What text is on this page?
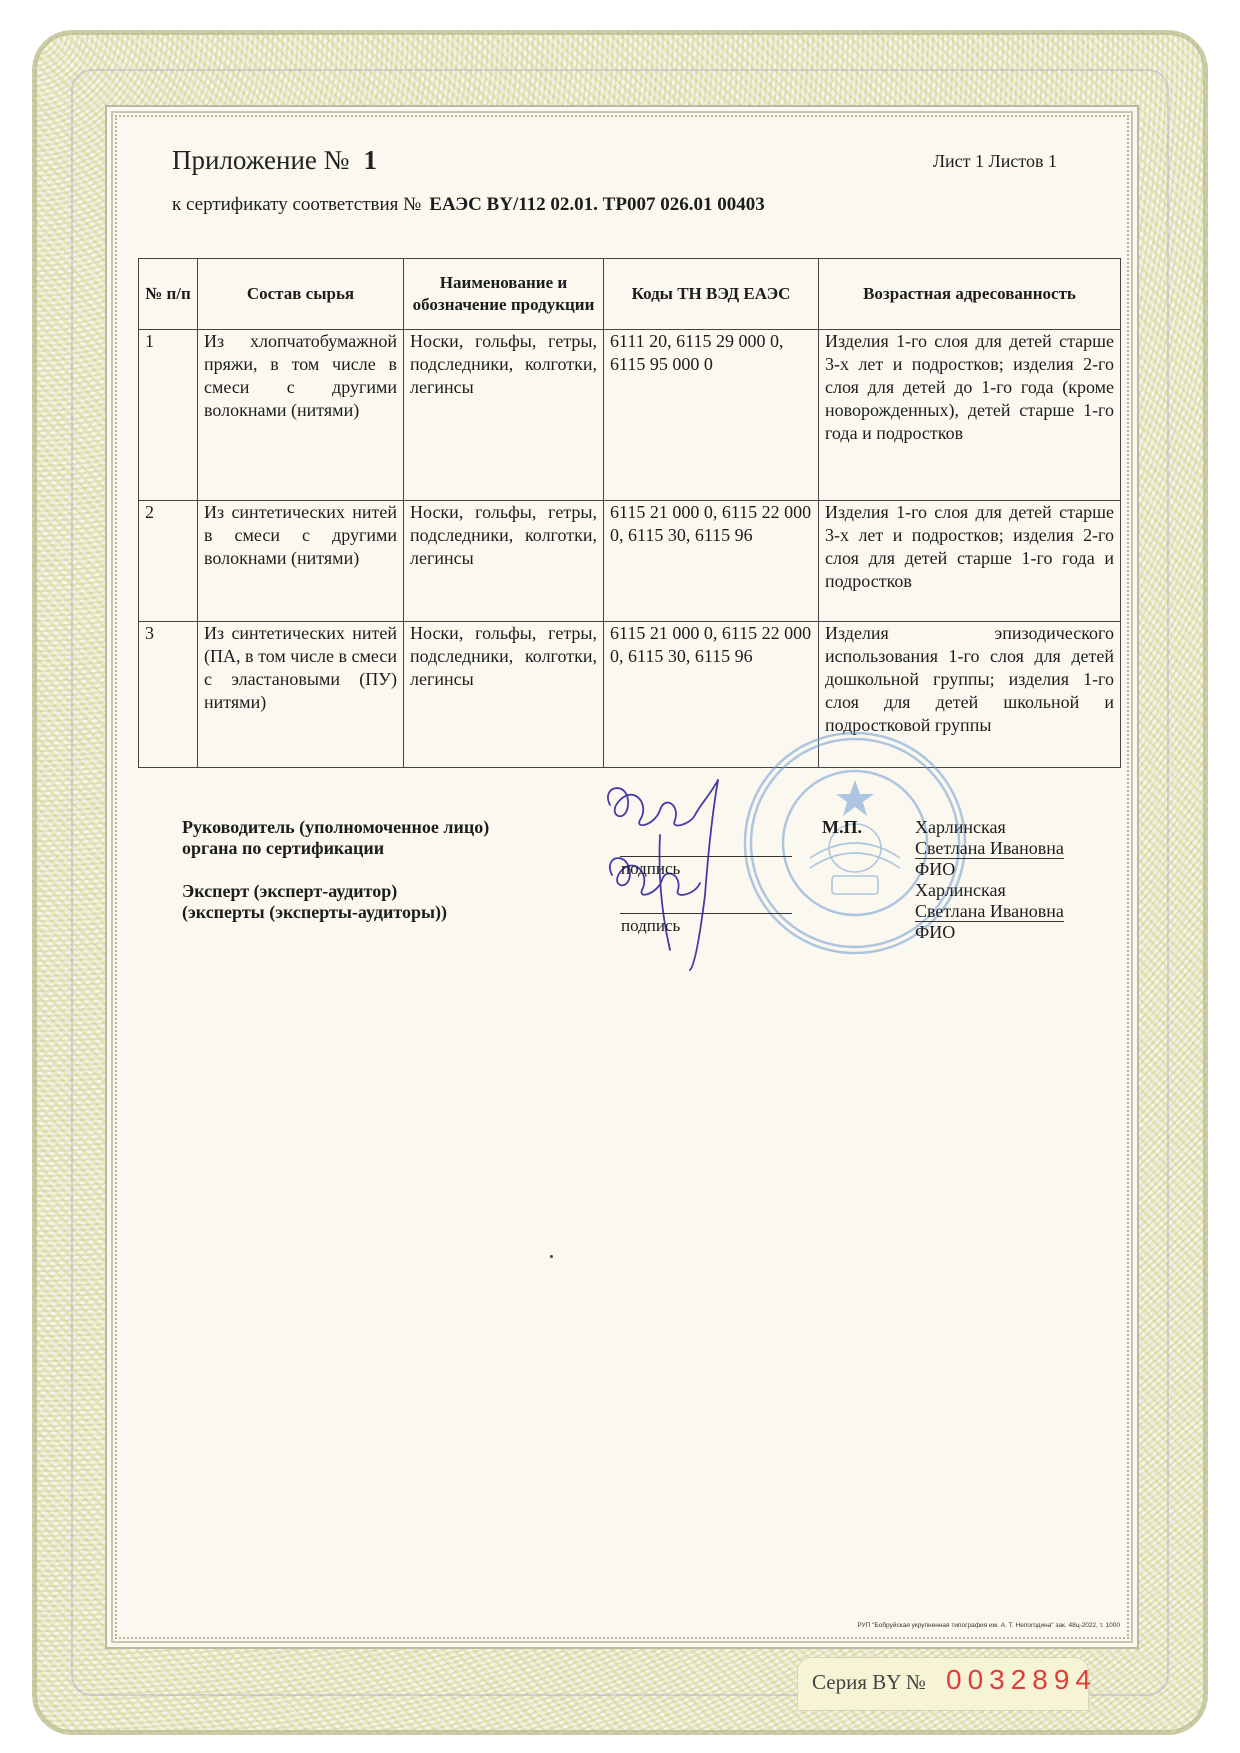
Приложение № 1	Лист 1 Листов 1
к сертификату соответствия № ЕАЭС BY/112 02.01. ТР007 026.01 00403
№ п/п	Состав сырья	Наименование и обозначение продукции	Коды ТН ВЭД ЕАЭС	Возрастная адресованность
1	Из хлопчатобумажной пряжи, в том числе в смеси с другими волокнами (нитями)	Носки, гольфы, гетры, подследники, колготки, легинсы	6111 20, 6115 29 000 0, 6115 95 000 0	Изделия 1-го слоя для детей старше 3-х лет и подростков; изделия 2-го слоя для детей до 1-го года (кроме новорожденных), детей старше 1-го года и подростков
2	Из синтетических нитей в смеси с другими волокнами (нитями)	Носки, гольфы, гетры, подследники, колготки, легинсы	6115 21 000 0, 6115 22 000 0, 6115 30, 6115 96	Изделия 1-го слоя для детей старше 3-х лет и подростков; изделия 2-го слоя для детей старше 1-го года и подростков
3	Из синтетических нитей (ПА, в том числе в смеси с эластановыми (ПУ) нитями)	Носки, гольфы, гетры, подследники, колготки, легинсы	6115 21 000 0, 6115 22 000 0, 6115 30, 6115 96	Изделия эпизодического использования 1-го слоя для детей дошкольной группы; изделия 1-го слоя для детей школьной и подростковой группы
Руководитель (уполномоченное лицо)
органа по сертификации
Эксперт (эксперт-аудитор)
(эксперты (эксперты-аудиторы))
подпись
подпись
М.П.	Харлинская
Светлана Ивановна
ФИО
Харлинская
Светлана Ивановна
ФИО
РУП "Бобруйская укрупненная типография им. А. Т. Непогодина" зак. 48ц-2022, т. 1000
Серия BY № 0032894
